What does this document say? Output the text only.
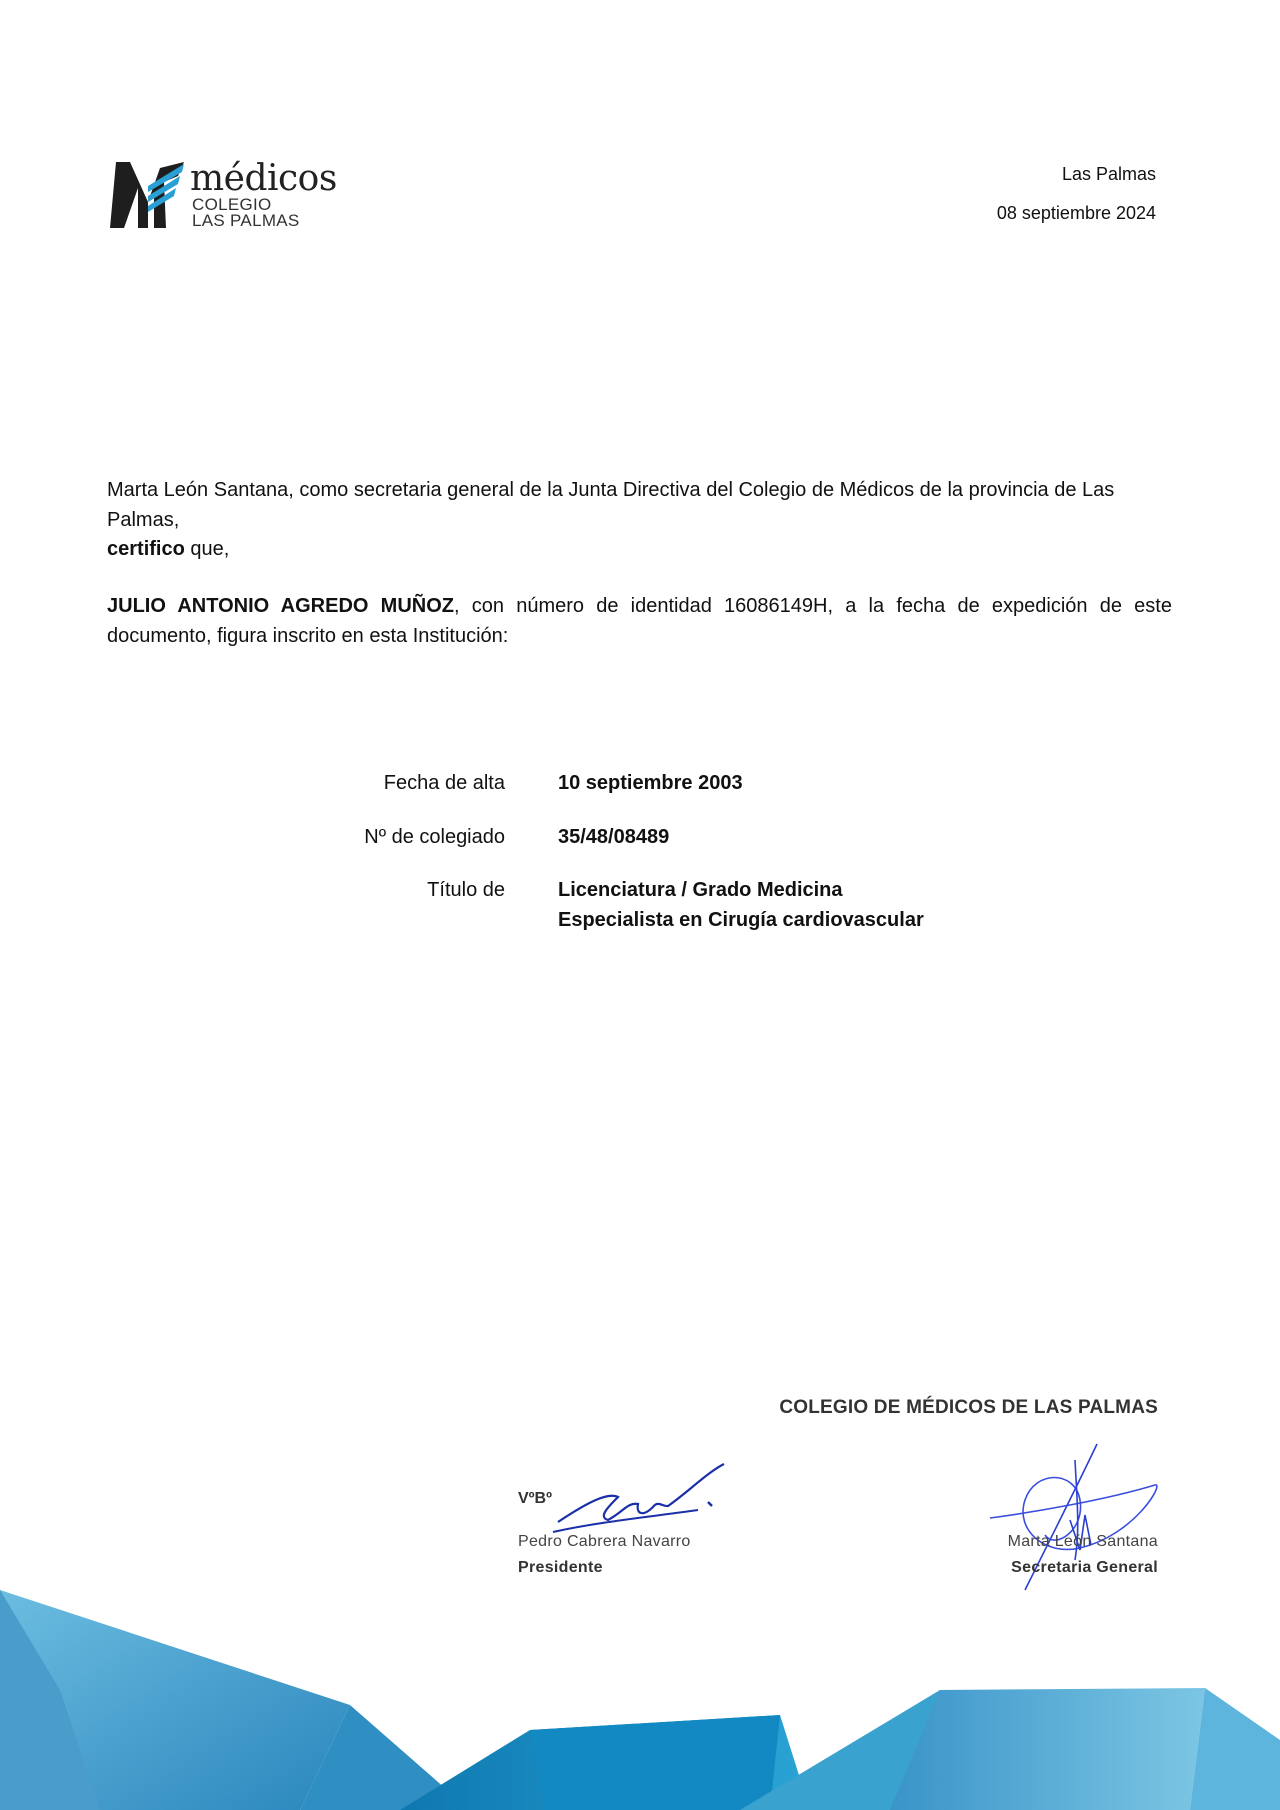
médicos
COLEGIO
LAS PALMAS
Las Palmas
08 septiembre 2024
Marta León Santana, como secretaria general de la Junta Directiva del Colegio de Médicos de la provincia de Las Palmas,
certifico que,
JULIO ANTONIO AGREDO MUÑOZ, con número de identidad 16086149H, a la fecha de expedición de este documento, figura inscrito en esta Institución:
Fecha de alta	10 septiembre 2003
Nº de colegiado	35/48/08489
Título de	Licenciatura / Grado Medicina
Especialista en Cirugía cardiovascular
COLEGIO DE MÉDICOS DE LAS PALMAS
VºBº
Pedro Cabrera Navarro
Presidente
Marta León Santana
Secretaria General
